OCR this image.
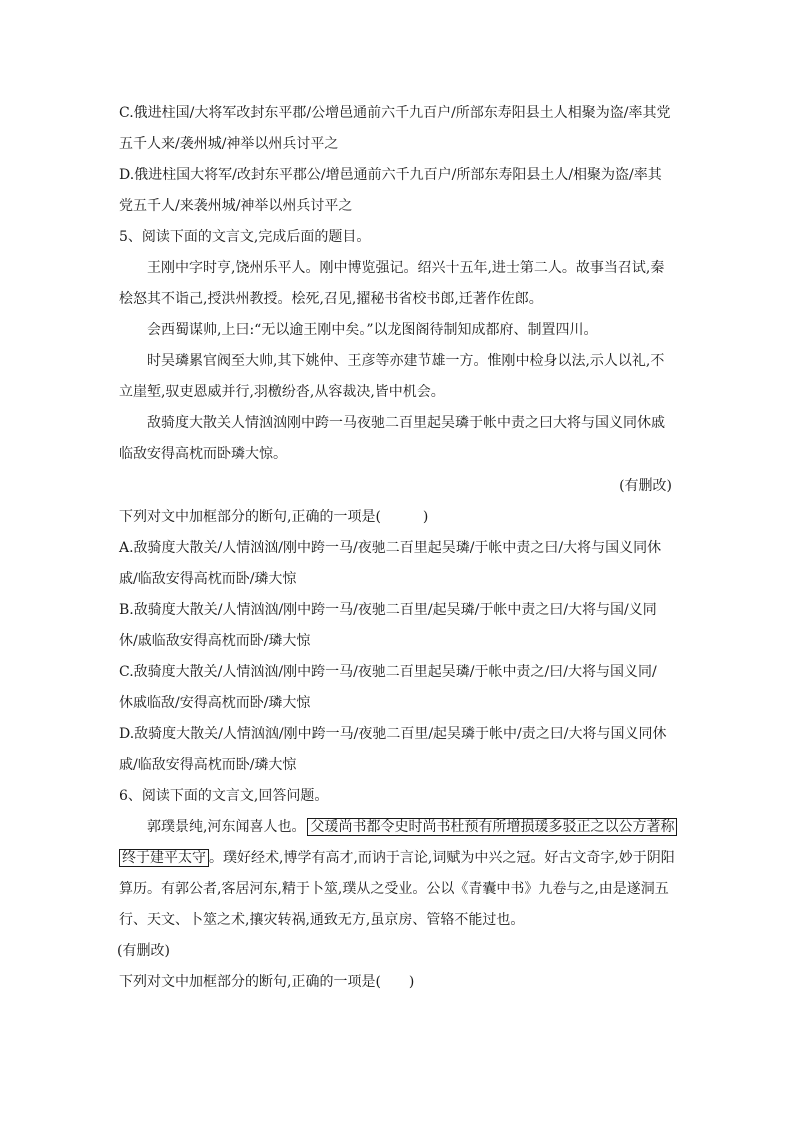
C.俄进柱国/大将军改封东平郡/公增邑通前六千九百户/所部东寿阳县土人相聚为盗/率其党
五千人来/袭州城/神举以州兵讨平之
D.俄进柱国大将军/改封东平郡公/增邑通前六千九百户/所部东寿阳县土人/相聚为盗/率其
党五千人/来袭州城/神举以州兵讨平之
5、阅读下面的文言文,完成后面的题目。
王刚中字时亨,饶州乐平人。刚中博览强记。绍兴十五年,进士第二人。故事当召试,秦
桧怒其不诣己,授洪州教授。桧死,召见,擢秘书省校书郎,迁著作佐郎。
会西蜀谋帅,上曰:“无以逾王刚中矣。”以龙图阁待制知成都府、制置四川。
时吴璘累官阀至大帅,其下姚仲、王彦等亦建节雄一方。惟刚中检身以法,示人以礼,不
立崖堑,驭吏恩威并行,羽檄纷沓,从容裁决,皆中机会。
敌骑度大散关人情汹汹刚中跨一马夜驰二百里起吴璘于帐中责之曰大将与国义同休戚
临敌安得高枕而卧璘大惊。
(有删改)
下列对文中加框部分的断句,正确的一项是(　　　)
A.敌骑度大散关/人情汹汹/刚中跨一马/夜驰二百里起吴璘/于帐中责之曰/大将与国义同休
戚/临敌安得高枕而卧/璘大惊
B.敌骑度大散关/人情汹汹/刚中跨一马/夜驰二百里/起吴璘/于帐中责之曰/大将与国/义同
休/戚临敌安得高枕而卧/璘大惊
C.敌骑度大散关/人情汹汹/刚中跨一马/夜驰二百里起吴璘/于帐中责之/曰/大将与国义同/
休戚临敌/安得高枕而卧/璘大惊
D.敌骑度大散关/人情汹汹/刚中跨一马/夜驰二百里/起吴璘于帐中/责之曰/大将与国义同休
戚/临敌安得高枕而卧/璘大惊
6、阅读下面的文言文,回答问题。
郭璞景纯,河东闻喜人也。 父瑗尚书都令史时尚书杜预有所增损瑗多驳正之以公方著称
终于建平太守 。璞好经术,博学有高才,而讷于言论,词赋为中兴之冠。好古文奇字,妙于阴阳
算历。有郭公者,客居河东,精于卜筮,璞从之受业。公以《青囊中书》九卷与之,由是遂洞五
行、天文、卜筮之术,攘灾转祸,通致无方,虽京房、管辂不能过也。
(有删改)
下列对文中加框部分的断句,正确的一项是(　　)
